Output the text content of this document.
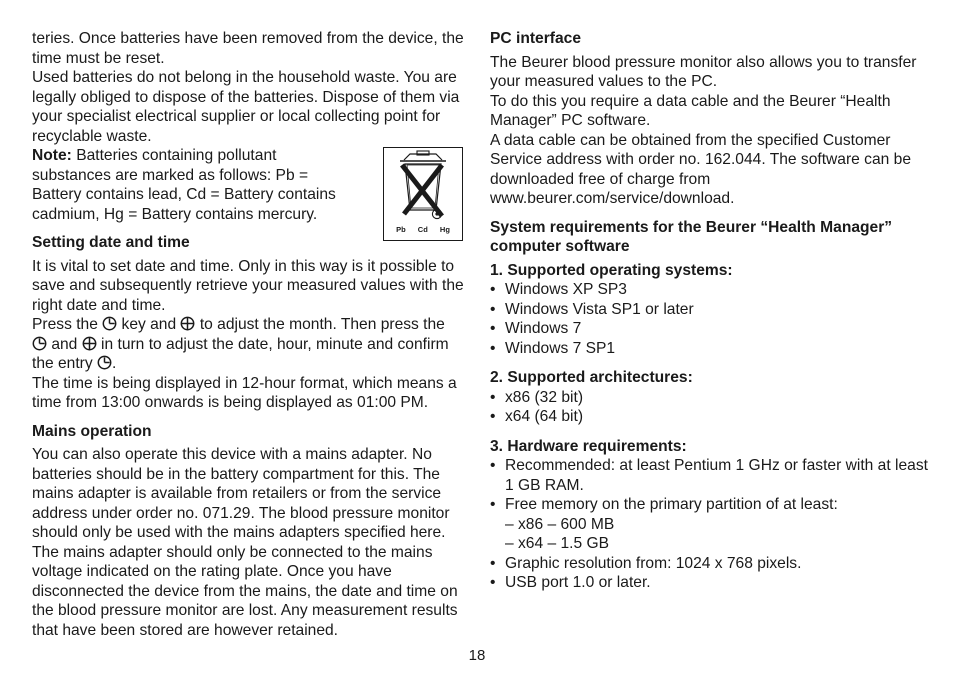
teries. Once batteries have been removed from the device, the time must be reset.

Used batteries do not belong in the household waste. You are legally obliged to dispose of the batteries. Dispose of them via your specialist electrical supplier or local collecting point for recyclable waste.

Note: Batteries containing pollutant substances are marked as follows: Pb = Battery contains lead, Cd = Battery contains cadmium, Hg = Battery contains mercury.

Setting date and time

It is vital to set date and time. Only in this way is it possible to save and subsequently retrieve your measured values with the right date and time.

Press the
key and
to adjust the month. Then press the
and
in turn to adjust the date, hour, minute and confirm the entry
.

The time is being displayed in 12-hour format, which means a time from 13:00 onwards is being displayed as 01:00 PM.

Mains operation

You can also operate this device with a mains adapter. No batteries should be in the battery compartment for this. The mains adapter is available from retailers or from the service address under order no. 071.29. The blood pressure monitor should only be used with the mains adapters specified here. The mains adapter should only be connected to the mains voltage indicated on the rating plate. Once you have disconnected the device from the mains, the date and time on the blood pressure monitor are lost. Any measurement results that have been stored are however retained.

Pb Cd Hg

PC interface

The Beurer blood pressure monitor also allows you to transfer your measured values to the PC.

To do this you require a data cable and the Beurer “Health Manager” PC software.

A data cable can be obtained from the specified Customer Service address with order no. 162.044. The software can be downloaded free of charge from www.beurer.com/service/download.

System requirements for the Beurer “Health Manager” computer software

1. Supported operating systems:

• Windows XP SP3

• Windows Vista SP1 or later

• Windows 7

• Windows 7 SP1

2. Supported architectures:

• x86 (32 bit)

• x64 (64 bit)

3. Hardware requirements:

• Recommended: at least Pentium 1 GHz or faster with at least 1 GB RAM.

• Free memory on the primary partition of at least:

– x86 – 600 MB

– x64 – 1.5 GB

• Graphic resolution from: 1024 x 768 pixels.

• USB port 1.0 or later.

18
